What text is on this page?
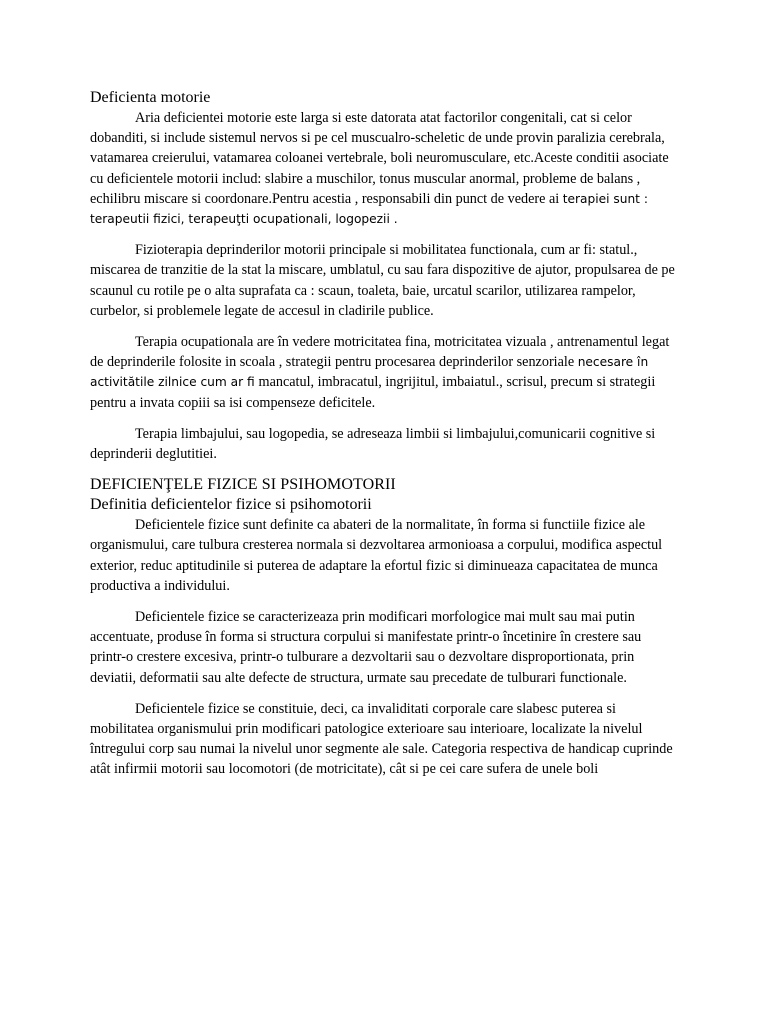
Deficienta motorie

Aria deficientei motorie este larga si este datorata atat factorilor congenitali, cat si celor dobanditi, si include sistemul nervos si pe cel muscualro-scheletic de unde provin paralizia cerebrala, vatamarea creierului, vatamarea coloanei vertebrale, boli neuromusculare, etc.Aceste conditii asociate cu deficientele motorii includ: slabire a muschilor, tonus muscular anormal, probleme de balans , echilibru miscare si coordonare.Pentru acestia , responsabili din punct de vedere ai terapiei sunt : terapeutii fizici, terapeuţti ocupationali, logopezii .

Fizioterapia deprinderilor motorii principale si mobilitatea functionala, cum ar fi: statul., miscarea de tranzitie de la stat la miscare, umblatul, cu sau fara dispozitive de ajutor, propulsarea de pe scaunul cu rotile pe o alta suprafata ca : scaun, toaleta, baie, urcatul scarilor, utilizarea rampelor, curbelor, si problemele legate de accesul in cladirile publice.

Terapia ocupationala are în vedere motricitatea fina, motricitatea vizuala , antrenamentul legat de deprinderile folosite in scoala , strategii pentru procesarea deprinderilor senzoriale necesare în activitătile zilnice cum ar fi mancatul, imbracatul, ingrijitul, imbaiatul., scrisul, precum si strategii pentru a invata copiii sa isi compenseze deficitele.

Terapia limbajului, sau logopedia, se adreseaza limbii si limbajului,comunicarii cognitive si deprinderii deglutitiei.

DEFICIENŢELE FIZICE SI PSIHOMOTORII
Definitia deficientelor fizice si psihomotorii

Deficientele fizice sunt definite ca abateri de la normalitate, în forma si functiile fizice ale organismului, care tulbura cresterea normala si dezvoltarea armonioasa a corpului, modifica aspectul exterior, reduc aptitudinile si puterea de adaptare la efortul fizic si diminueaza capacitatea de munca productiva a individului.

Deficientele fizice se caracterizeaza prin modificari morfologice mai mult sau mai putin accentuate, produse în forma si structura corpului si manifestate printr-o încetinire în crestere sau printr-o crestere excesiva, printr-o tulburare a dezvoltarii sau o dezvoltare disproportionata, prin deviatii, deformatii sau alte defecte de structura, urmate sau precedate de tulburari functionale.

Deficientele fizice se constituie, deci, ca invaliditati corporale care slabesc puterea si mobilitatea organismului prin modificari patologice exterioare sau interioare, localizate la nivelul întregului corp sau numai la nivelul unor segmente ale sale. Categoria respectiva de handicap cuprinde atât infirmii motorii sau locomotori (de motricitate), cât si pe cei care sufera de unele boli
